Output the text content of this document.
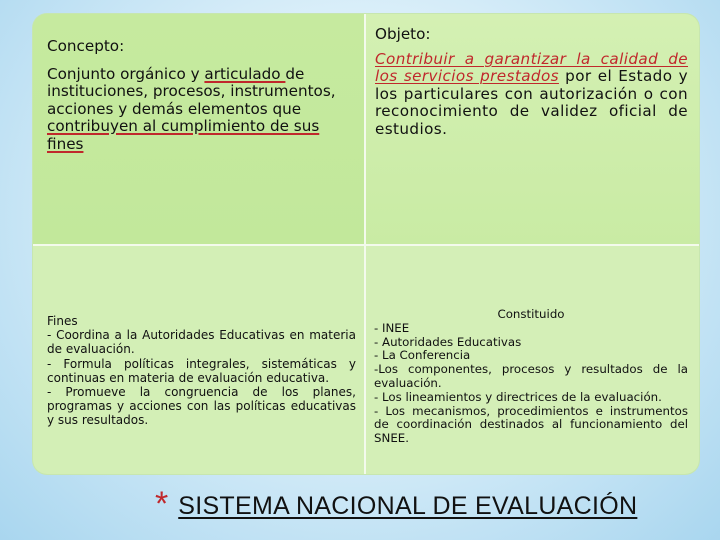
Concepto:
Conjunto orgánico y articulado de instituciones, procesos, instrumentos, acciones y demás elementos que contribuyen al cumplimiento de sus fines
Objeto:
Contribuir a garantizar la calidad de los servicios prestados por el Estado y los particulares con autorización o con reconocimiento de validez oficial de estudios.

Fines

- Coordina a la Autoridades Educativas en materia de evaluación.

- Formula políticas integrales, sistemáticas y continuas en materia de evaluación educativa.

- Promueve la congruencia de los planes, programas y acciones con las políticas educativas y sus resultados.

Constituido

- INEE

- Autoridades Educativas

- La Conferencia

-Los componentes, procesos y resultados de la evaluación.

- Los lineamientos y directrices de la evaluación.

- Los mecanismos, procedimientos e instrumentos de coordinación destinados al funcionamiento del SNEE.

* SISTEMA NACIONAL DE EVALUACIÓN
